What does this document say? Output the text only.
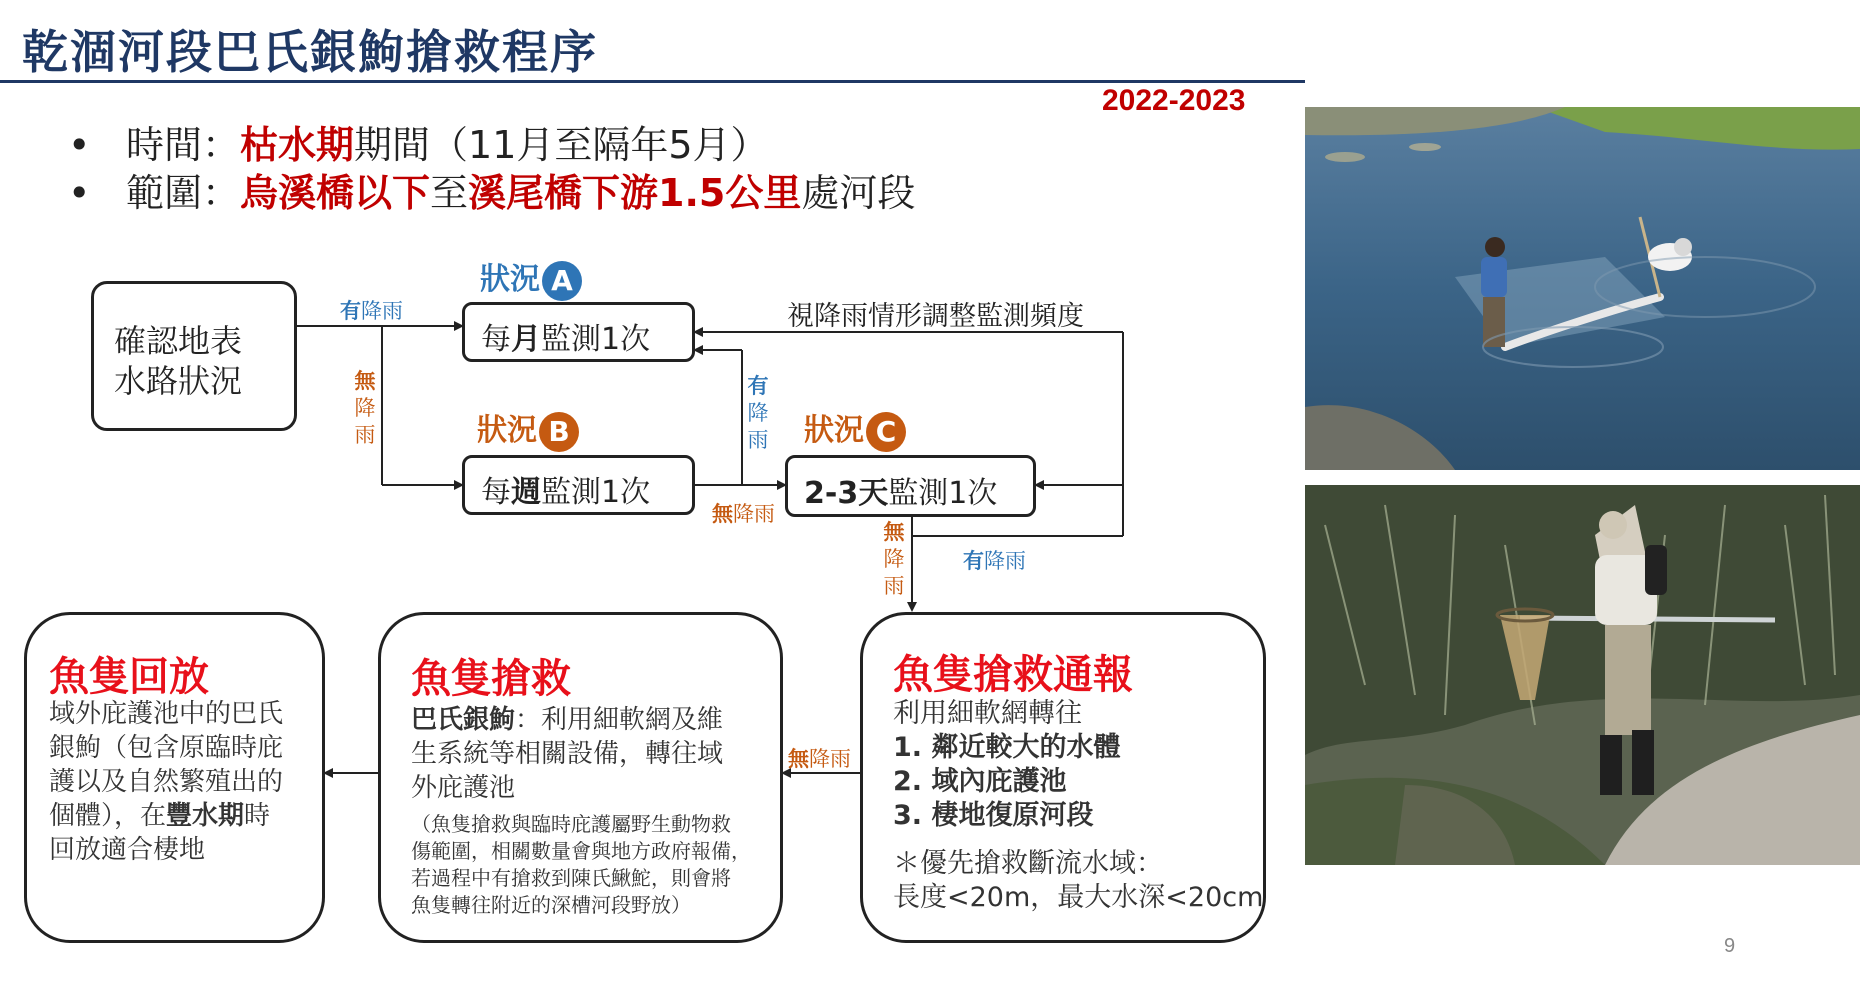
乾涸河段巴氏銀鮈搶救程序
2022-2023
• 時間：枯水期期間（11月至隔年5月）
• 範圍：烏溪橋以下至溪尾橋下游1.5公里處河段
確認地表
水路狀況
狀況 A
每月監測1次
狀況 B
每週監測1次
狀況 C
2-3天監測1次
視降雨情形調整監測頻度
有降雨
有降雨
無降雨
無降雨
無
降
雨
有
降
雨
無
降
雨
魚隻搶救通報
利用細軟網轉往
1. 鄰近較大的水體
2. 域內庇護池
3. 棲地復原河段
＊優先搶救斷流水域：
長度<20m，最大水深<20cm
魚隻搶救
巴氏銀鮈：利用細軟網及維
生系統等相關設備，轉往域
外庇護池
（魚隻搶救與臨時庇護屬野生動物救
傷範圍，相關數量會與地方政府報備，
若過程中有搶救到陳氏鰍鮀，則會將
魚隻轉往附近的深槽河段野放）
魚隻回放
域外庇護池中的巴氏
銀鮈（包含原臨時庇
護以及自然繁殖出的
個體），在豐水期時
回放適合棲地
9
